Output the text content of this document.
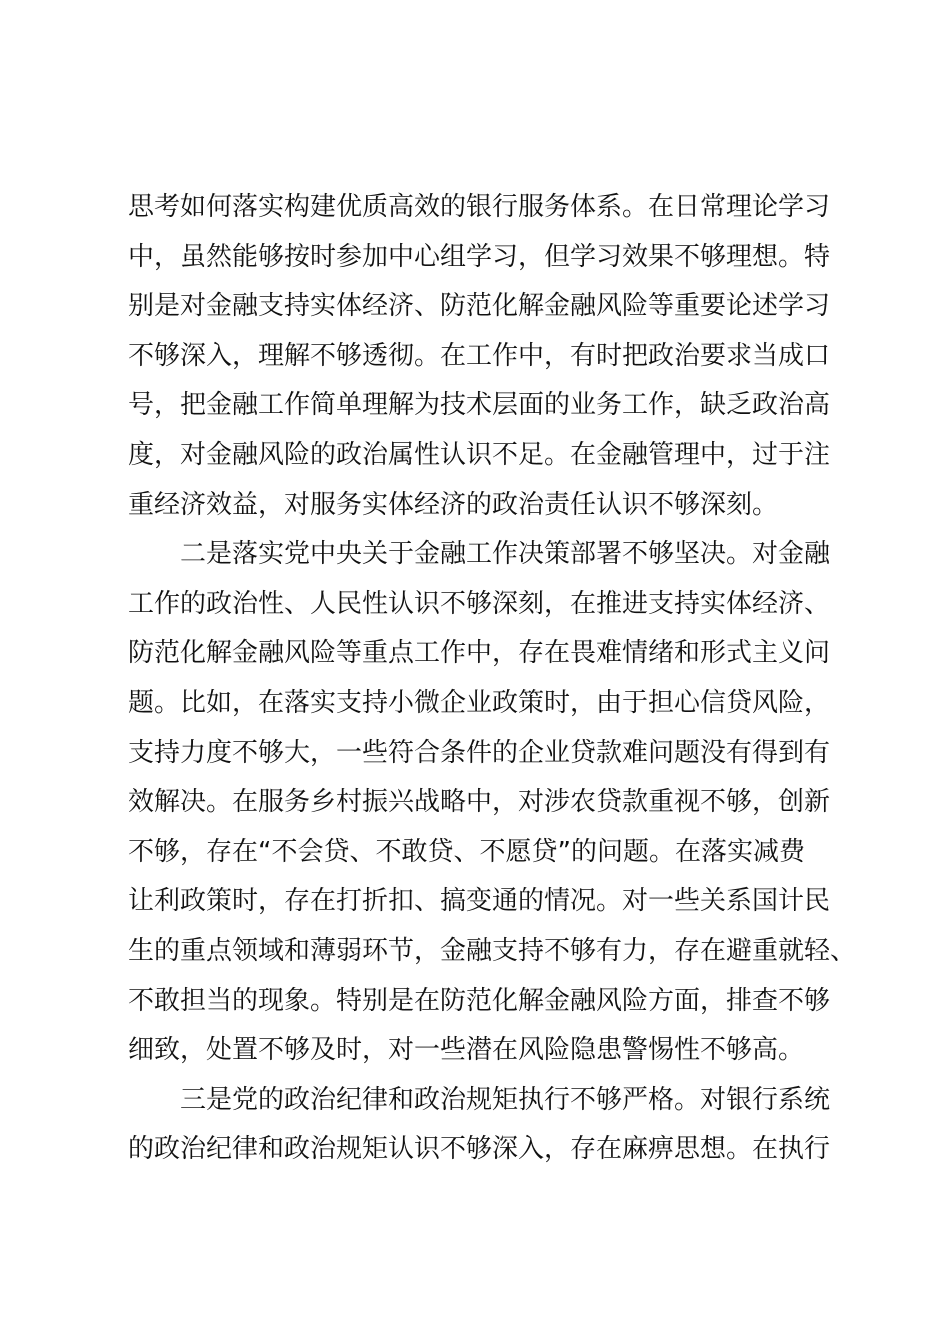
思考如何落实构建优质高效的银行服务体系。在日常理论学习
中，虽然能够按时参加中心组学习，但学习效果不够理想。特
别是对金融支持实体经济、防范化解金融风险等重要论述学习
不够深入，理解不够透彻。在工作中，有时把政治要求当成口
号，把金融工作简单理解为技术层面的业务工作，缺乏政治高
度，对金融风险的政治属性认识不足。在金融管理中，过于注
重经济效益，对服务实体经济的政治责任认识不够深刻。
二是落实党中央关于金融工作决策部署不够坚决。对金融
工作的政治性、人民性认识不够深刻，在推进支持实体经济、
防范化解金融风险等重点工作中，存在畏难情绪和形式主义问
题。比如，在落实支持小微企业政策时，由于担心信贷风险，
支持力度不够大，一些符合条件的企业贷款难问题没有得到有
效解决。在服务乡村振兴战略中，对涉农贷款重视不够，创新
不够，存在“不会贷、不敢贷、不愿贷”的问题。在落实减费
让利政策时，存在打折扣、搞变通的情况。对一些关系国计民
生的重点领域和薄弱环节，金融支持不够有力，存在避重就轻、
不敢担当的现象。特别是在防范化解金融风险方面，排查不够
细致，处置不够及时，对一些潜在风险隐患警惕性不够高。
三是党的政治纪律和政治规矩执行不够严格。对银行系统
的政治纪律和政治规矩认识不够深入，存在麻痹思想。在执行
